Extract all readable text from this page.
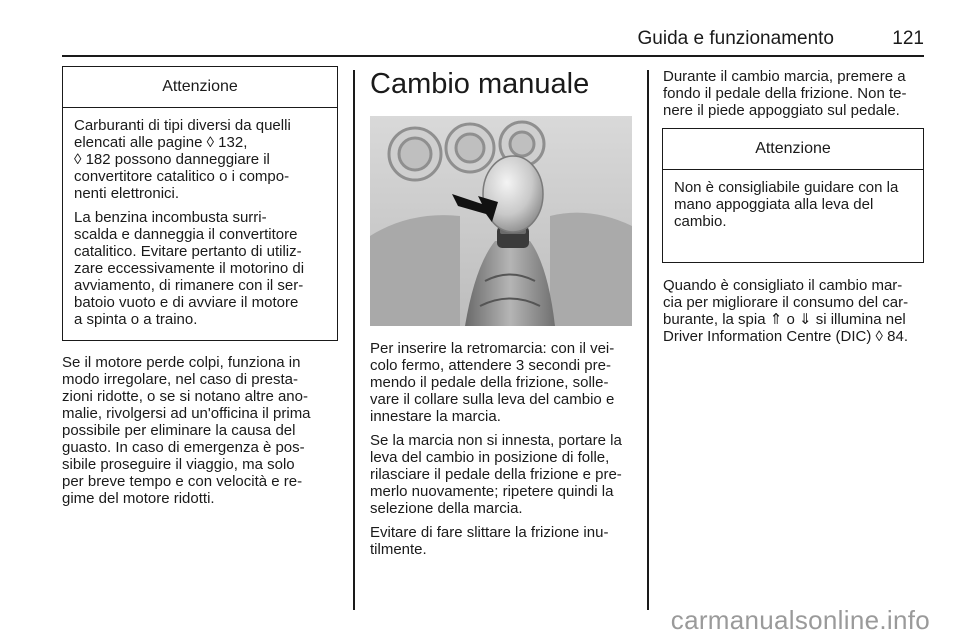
Guida e funzionamento	121
Attenzione

Carburanti di tipi diversi da quelli
elencati alle pagine ◊ 132,
◊ 182 possono danneggiare il
convertitore catalitico o i compo-
nenti elettronici.

La benzina incombusta surri-
scalda e danneggia il convertitore
catalitico. Evitare pertanto di utiliz-
zare eccessivamente il motorino di
avviamento, di rimanere con il ser-
batoio vuoto e di avviare il motore
a spinta o a traino.

Se il motore perde colpi, funziona in
modo irregolare, nel caso di presta-
zioni ridotte, o se si notano altre ano-
malie, rivolgersi ad un'officina il prima
possibile per eliminare la causa del
guasto. In caso di emergenza è pos-
sibile proseguire il viaggio, ma solo
per breve tempo e con velocità e re-
gime del motore ridotti.

Cambio manuale

Per inserire la retromarcia: con il vei-
colo fermo, attendere 3 secondi pre-
mendo il pedale della frizione, solle-
vare il collare sulla leva del cambio e
innestare la marcia.

Se la marcia non si innesta, portare la
leva del cambio in posizione di folle,
rilasciare il pedale della frizione e pre-
merlo nuovamente; ripetere quindi la
selezione della marcia.

Evitare di fare slittare la frizione inu-
tilmente.

Durante il cambio marcia, premere a
fondo il pedale della frizione. Non te-
nere il piede appoggiato sul pedale.

Attenzione

Non è consigliabile guidare con la
mano appoggiata alla leva del
cambio.

Quando è consigliato il cambio mar-
cia per migliorare il consumo del car-
burante, la spia ⇑ o ⇓ si illumina nel
Driver Information Centre (DIC) ◊ 84.

carmanualsonline.info
